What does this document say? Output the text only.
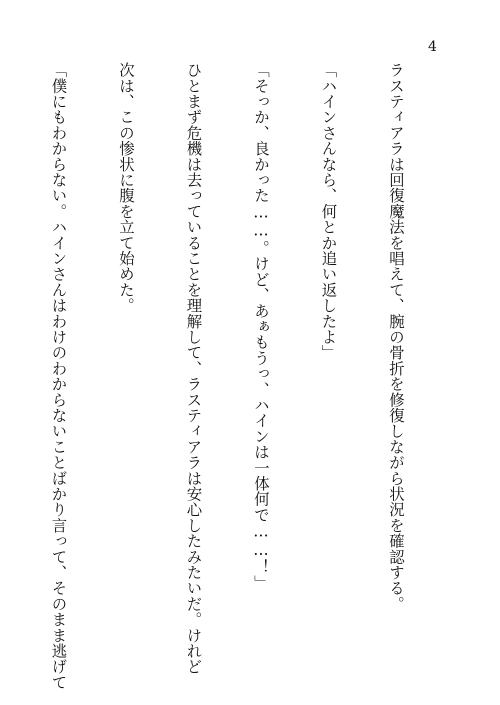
4

ラスティアラは回復魔法を唱えて、腕の骨折を修復しながら状況を確認する。

「ハインさんなら、何とか追い返したよ」

「そっか、良かった……。けど、あぁもうっ、ハインは一体何で……！」

ひとまず危機は去っていることを理解して、ラスティアラは安心したみたいだ。けれど

次は、この惨状に腹を立て始めた。

「僕にもわからない。ハインさんはわけのわからないことばかり言って、そのまま逃げて
